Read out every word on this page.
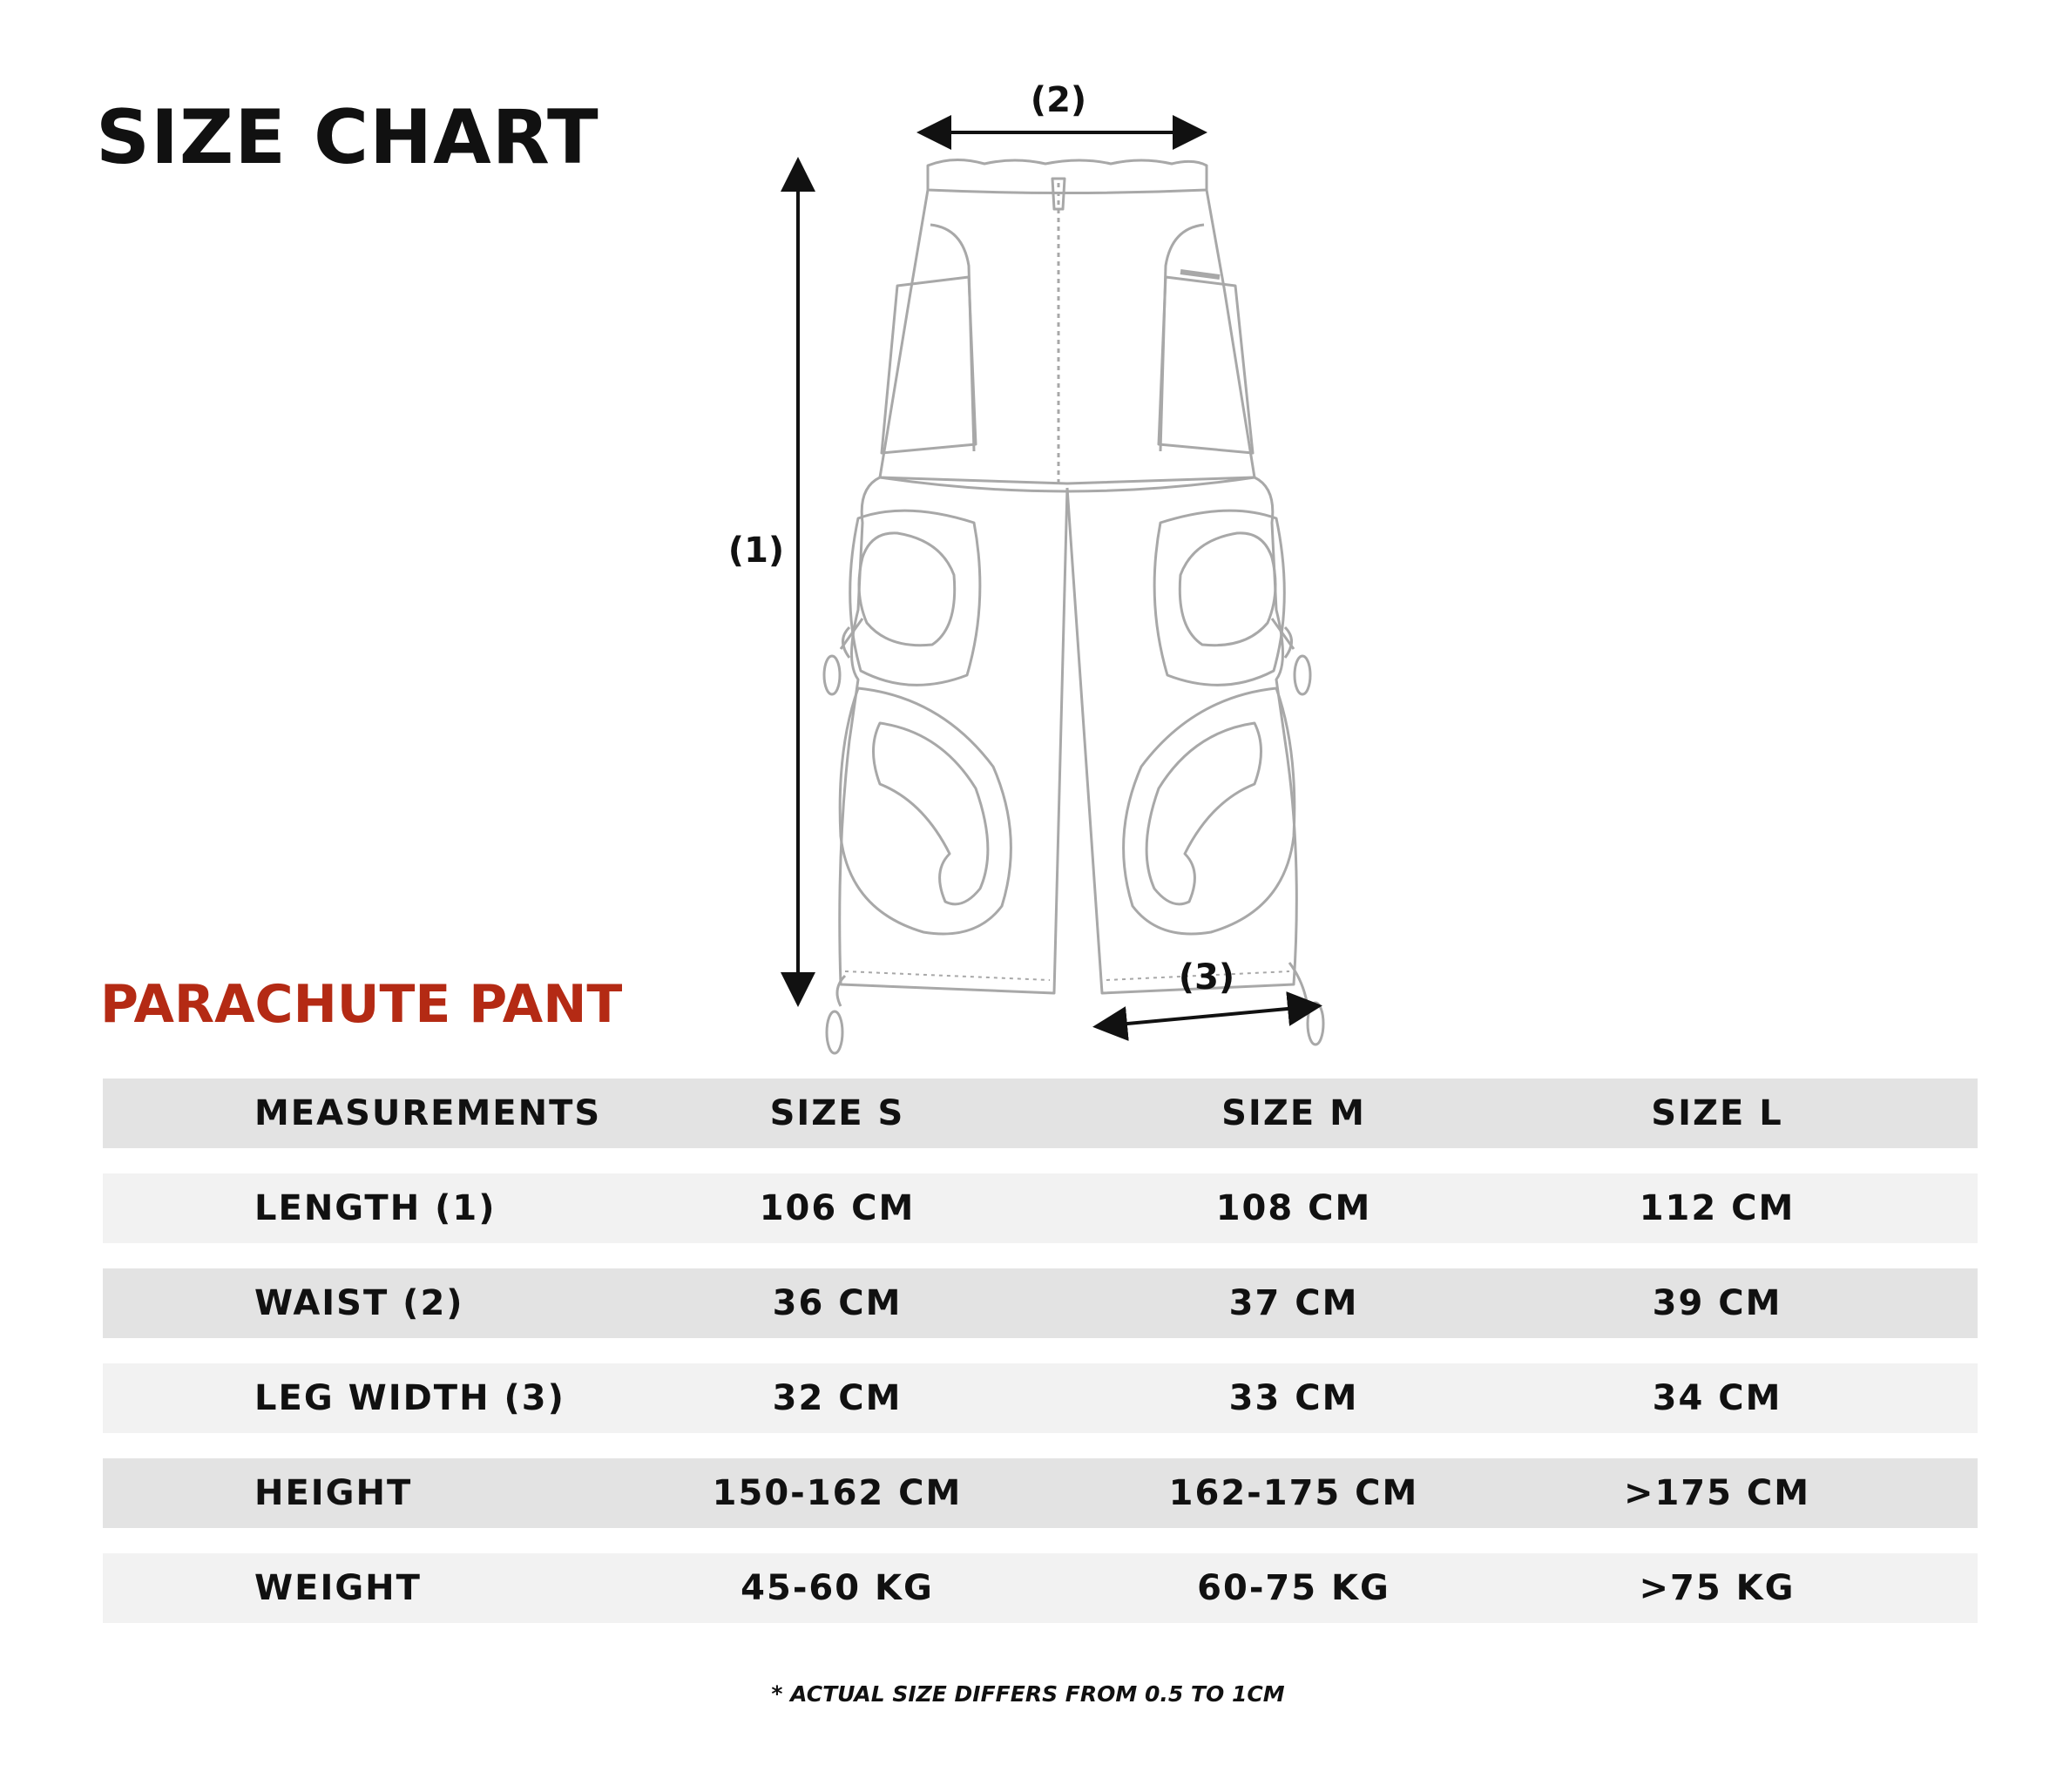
SIZE CHART	(2)
(1)
(3)
PARACHUTE PANT
MEASUREMENTS	SIZE S	SIZE M	SIZE L
LENGTH (1)	106 CM	108 CM	112 CM
WAIST (2)	36 CM	37 CM	39 CM
LEG WIDTH (3)	32 CM	33 CM	34 CM
HEIGHT	150-162 CM	162-175 CM	>175 CM
WEIGHT	45-60 KG	60-75 KG	>75 KG

* ACTUAL SIZE DIFFERS FROM 0.5 TO 1CM
